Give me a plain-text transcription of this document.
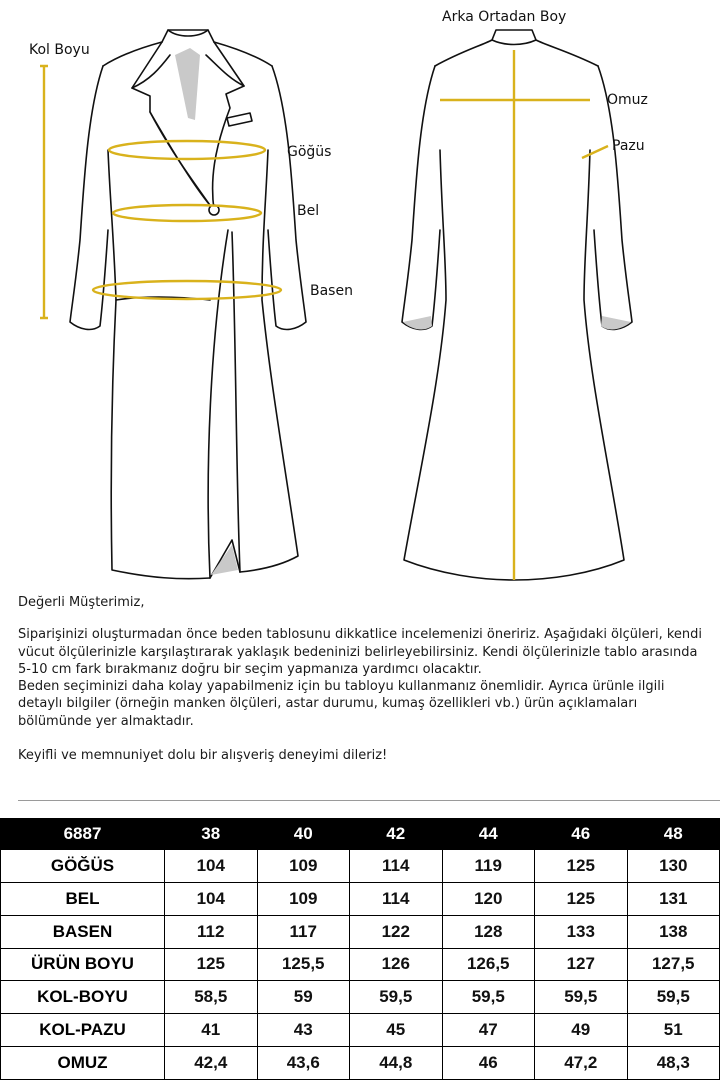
Kol Boyu
Göğüs
Bel
Basen
Arka Ortadan Boy
Omuz
Pazu

Değerli Müşterimiz,

Siparişinizi oluşturmadan önce beden tablosunu dikkatlice incelemenizi öneririz. Aşağıdaki ölçüleri, kendi vücut ölçülerinizle karşılaştırarak yaklaşık bedeninizi belirleyebilirsiniz. Kendi ölçülerinizle tablo arasında 5-10 cm fark bırakmanız doğru bir seçim yapmanıza yardımcı olacaktır.

Beden seçiminizi daha kolay yapabilmeniz için bu tabloyu kullanmanız önemlidir. Ayrıca ürünle ilgili detaylı bilgiler (örneğin manken ölçüleri, astar durumu, kumaş özellikleri vb.) ürün açıklamaları bölümünde yer almaktadır.

Keyifli ve memnuniyet dolu bir alışveriş deneyimi dileriz!

6887	38	40	42	44	46	48
GÖĞÜS	104	109	114	119	125	130
BEL	104	109	114	120	125	131
BASEN	112	117	122	128	133	138
ÜRÜN BOYU	125	125,5	126	126,5	127	127,5
KOL-BOYU	58,5	59	59,5	59,5	59,5	59,5
KOL-PAZU	41	43	45	47	49	51
OMUZ	42,4	43,6	44,8	46	47,2	48,3
